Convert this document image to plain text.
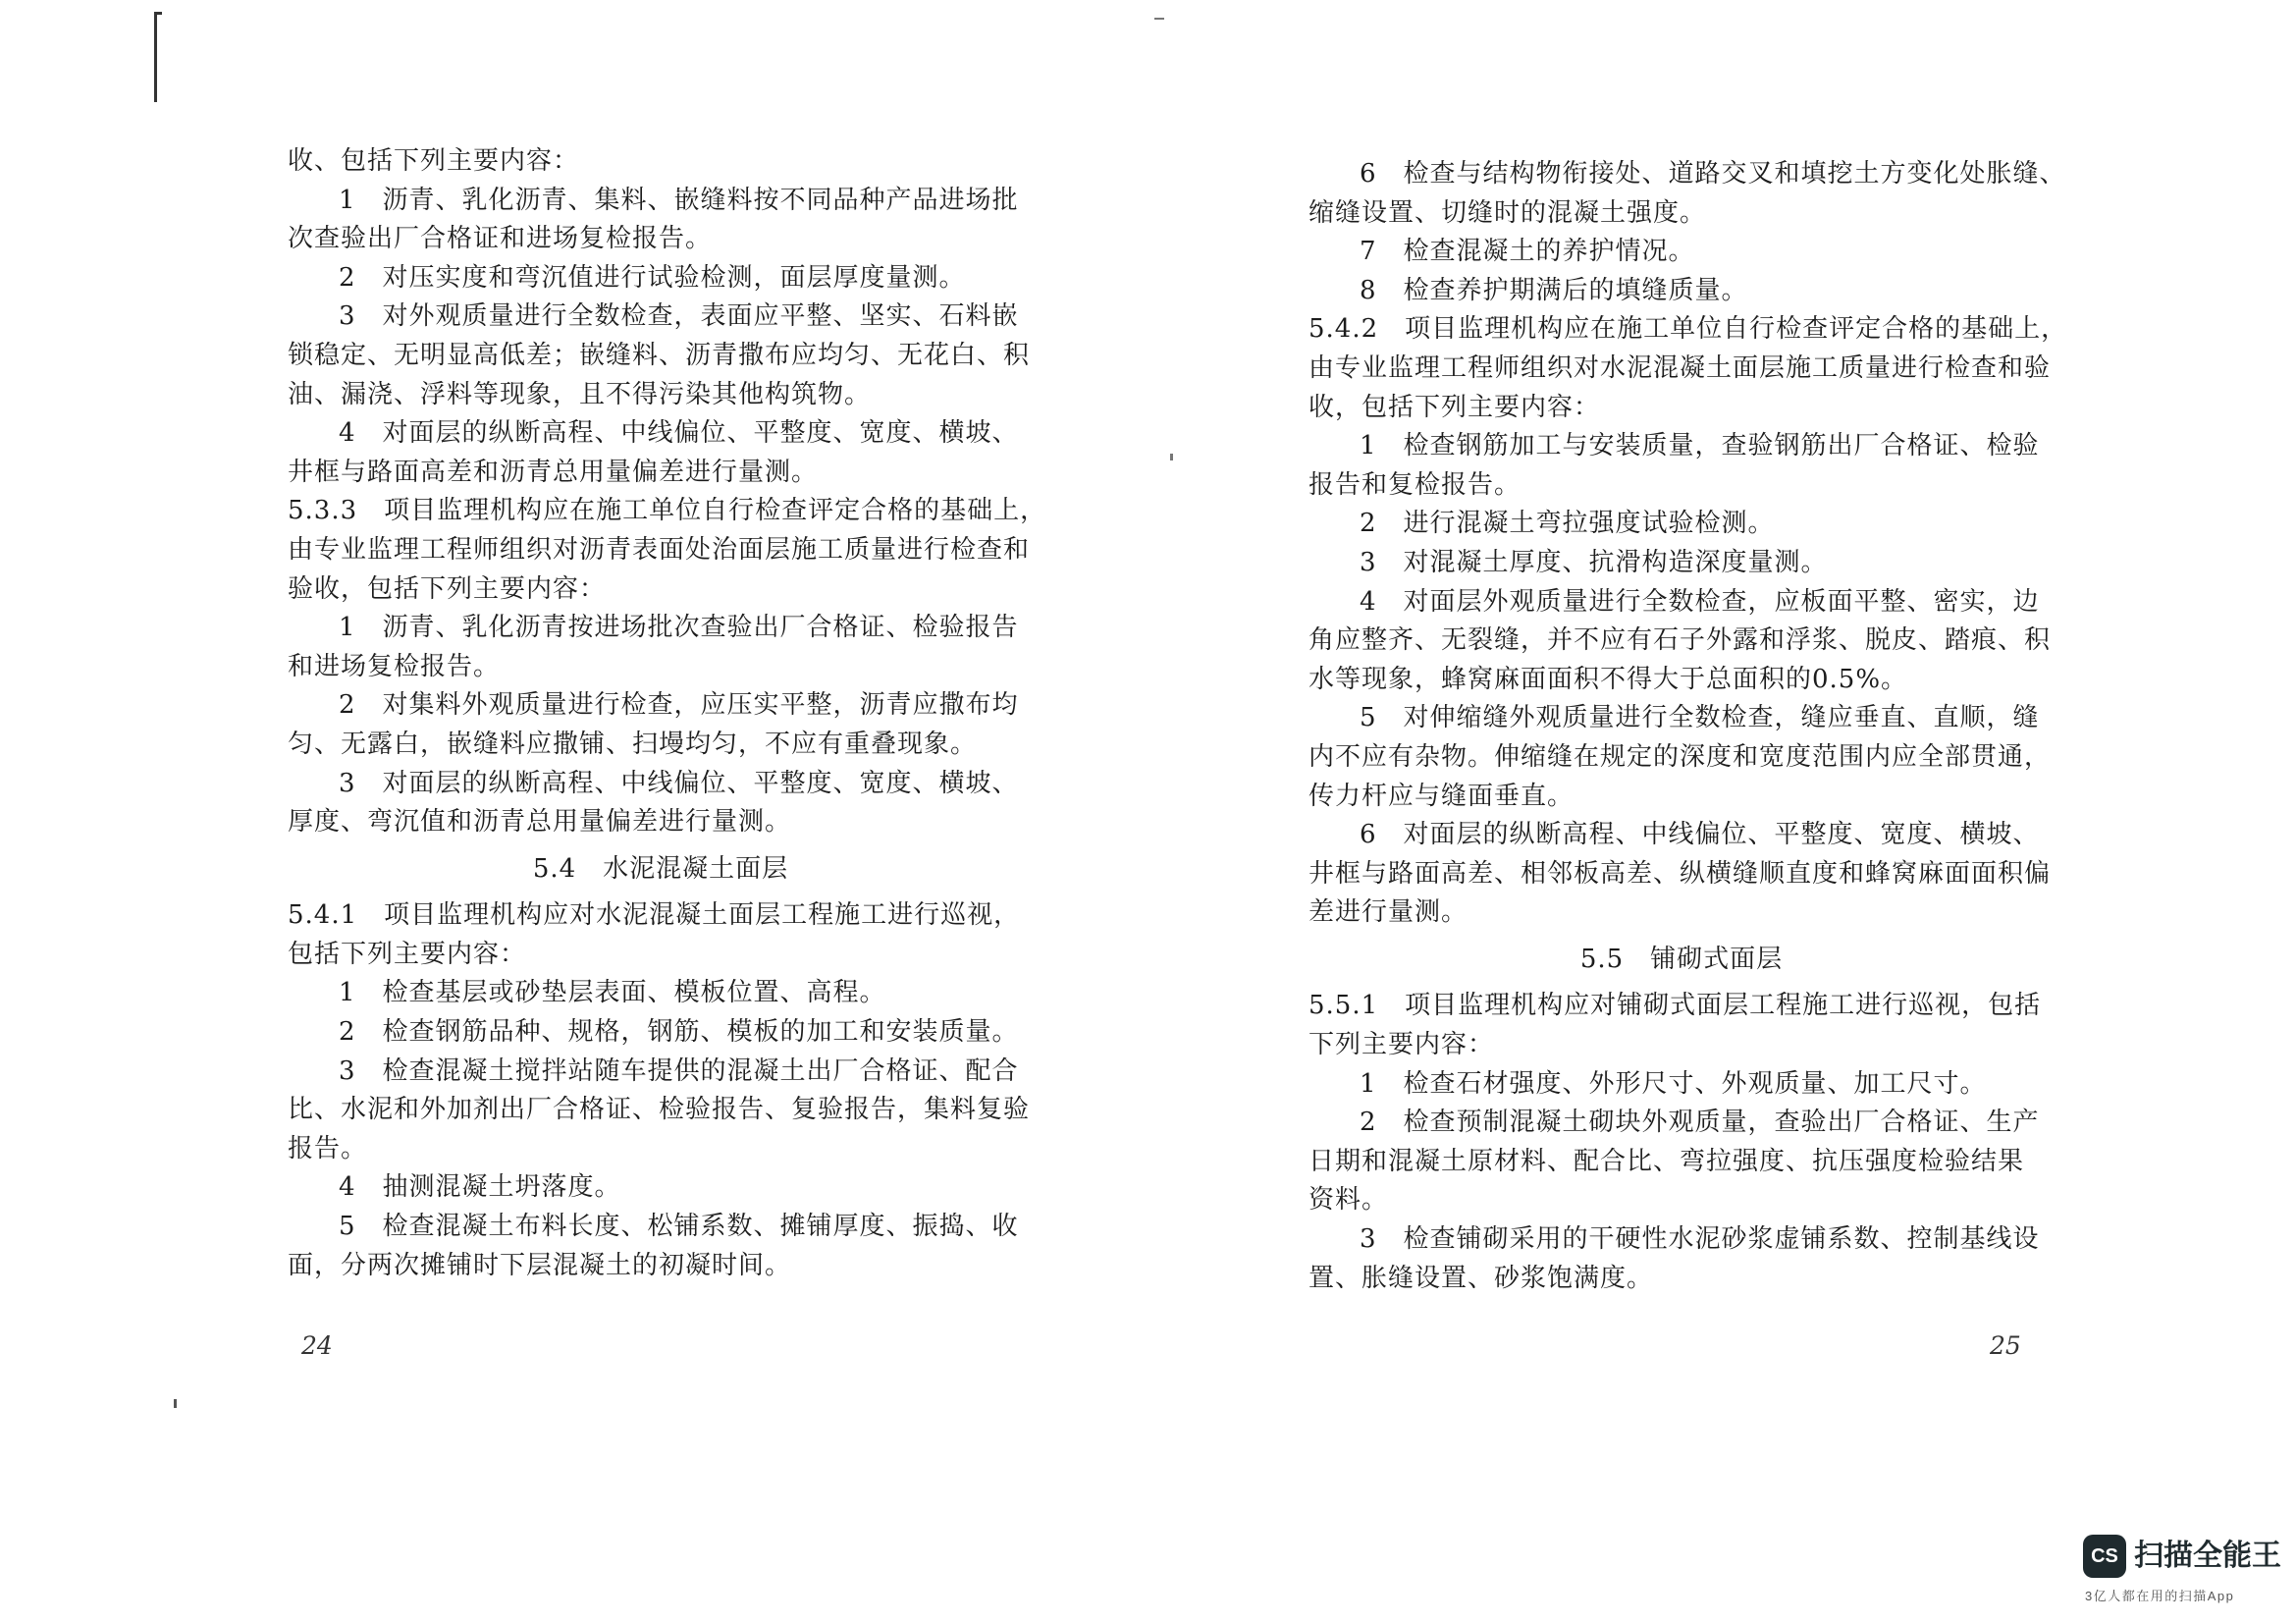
收、包括下列主要内容：
1　沥青、乳化沥青、集料、嵌缝料按不同品种产品进场批
次查验出厂合格证和进场复检报告。
2　对压实度和弯沉值进行试验检测，面层厚度量测。
3　对外观质量进行全数检查，表面应平整、坚实、石料嵌
锁稳定、无明显高低差；嵌缝料、沥青撒布应均匀、无花白、积
油、漏浇、浮料等现象，且不得污染其他构筑物。
4　对面层的纵断高程、中线偏位、平整度、宽度、横坡、
井框与路面高差和沥青总用量偏差进行量测。
5.3.3　项目监理机构应在施工单位自行检查评定合格的基础上，
由专业监理工程师组织对沥青表面处治面层施工质量进行检查和
验收，包括下列主要内容：
1　沥青、乳化沥青按进场批次查验出厂合格证、检验报告
和进场复检报告。
2　对集料外观质量进行检查，应压实平整，沥青应撒布均
匀、无露白，嵌缝料应撒铺、扫墁均匀，不应有重叠现象。
3　对面层的纵断高程、中线偏位、平整度、宽度、横坡、
厚度、弯沉值和沥青总用量偏差进行量测。
5.4　水泥混凝土面层
5.4.1　项目监理机构应对水泥混凝土面层工程施工进行巡视，
包括下列主要内容：
1　检查基层或砂垫层表面、模板位置、高程。
2　检查钢筋品种、规格，钢筋、模板的加工和安装质量。
3　检查混凝土搅拌站随车提供的混凝土出厂合格证、配合
比、水泥和外加剂出厂合格证、检验报告、复验报告，集料复验
报告。
4　抽测混凝土坍落度。
5　检查混凝土布料长度、松铺系数、摊铺厚度、振捣、收
面，分两次摊铺时下层混凝土的初凝时间。
24
6　检查与结构物衔接处、道路交叉和填挖土方变化处胀缝、
缩缝设置、切缝时的混凝土强度。
7　检查混凝土的养护情况。
8　检查养护期满后的填缝质量。
5.4.2　项目监理机构应在施工单位自行检查评定合格的基础上，
由专业监理工程师组织对水泥混凝土面层施工质量进行检查和验
收，包括下列主要内容：
1　检查钢筋加工与安装质量，查验钢筋出厂合格证、检验
报告和复检报告。
2　进行混凝土弯拉强度试验检测。
3　对混凝土厚度、抗滑构造深度量测。
4　对面层外观质量进行全数检查，应板面平整、密实，边
角应整齐、无裂缝，并不应有石子外露和浮浆、脱皮、踏痕、积
水等现象，蜂窝麻面面积不得大于总面积的0.5%。
5　对伸缩缝外观质量进行全数检查，缝应垂直、直顺，缝
内不应有杂物。伸缩缝在规定的深度和宽度范围内应全部贯通，
传力杆应与缝面垂直。
6　对面层的纵断高程、中线偏位、平整度、宽度、横坡、
井框与路面高差、相邻板高差、纵横缝顺直度和蜂窝麻面面积偏
差进行量测。
5.5　铺砌式面层
5.5.1　项目监理机构应对铺砌式面层工程施工进行巡视，包括
下列主要内容：
1　检查石材强度、外形尺寸、外观质量、加工尺寸。
2　检查预制混凝土砌块外观质量，查验出厂合格证、生产
日期和混凝土原材料、配合比、弯拉强度、抗压强度检验结果
资料。
3　检查铺砌采用的干硬性水泥砂浆虚铺系数、控制基线设
置、胀缝设置、砂浆饱满度。
25
CS 扫描全能王
3亿人都在用的扫描App
